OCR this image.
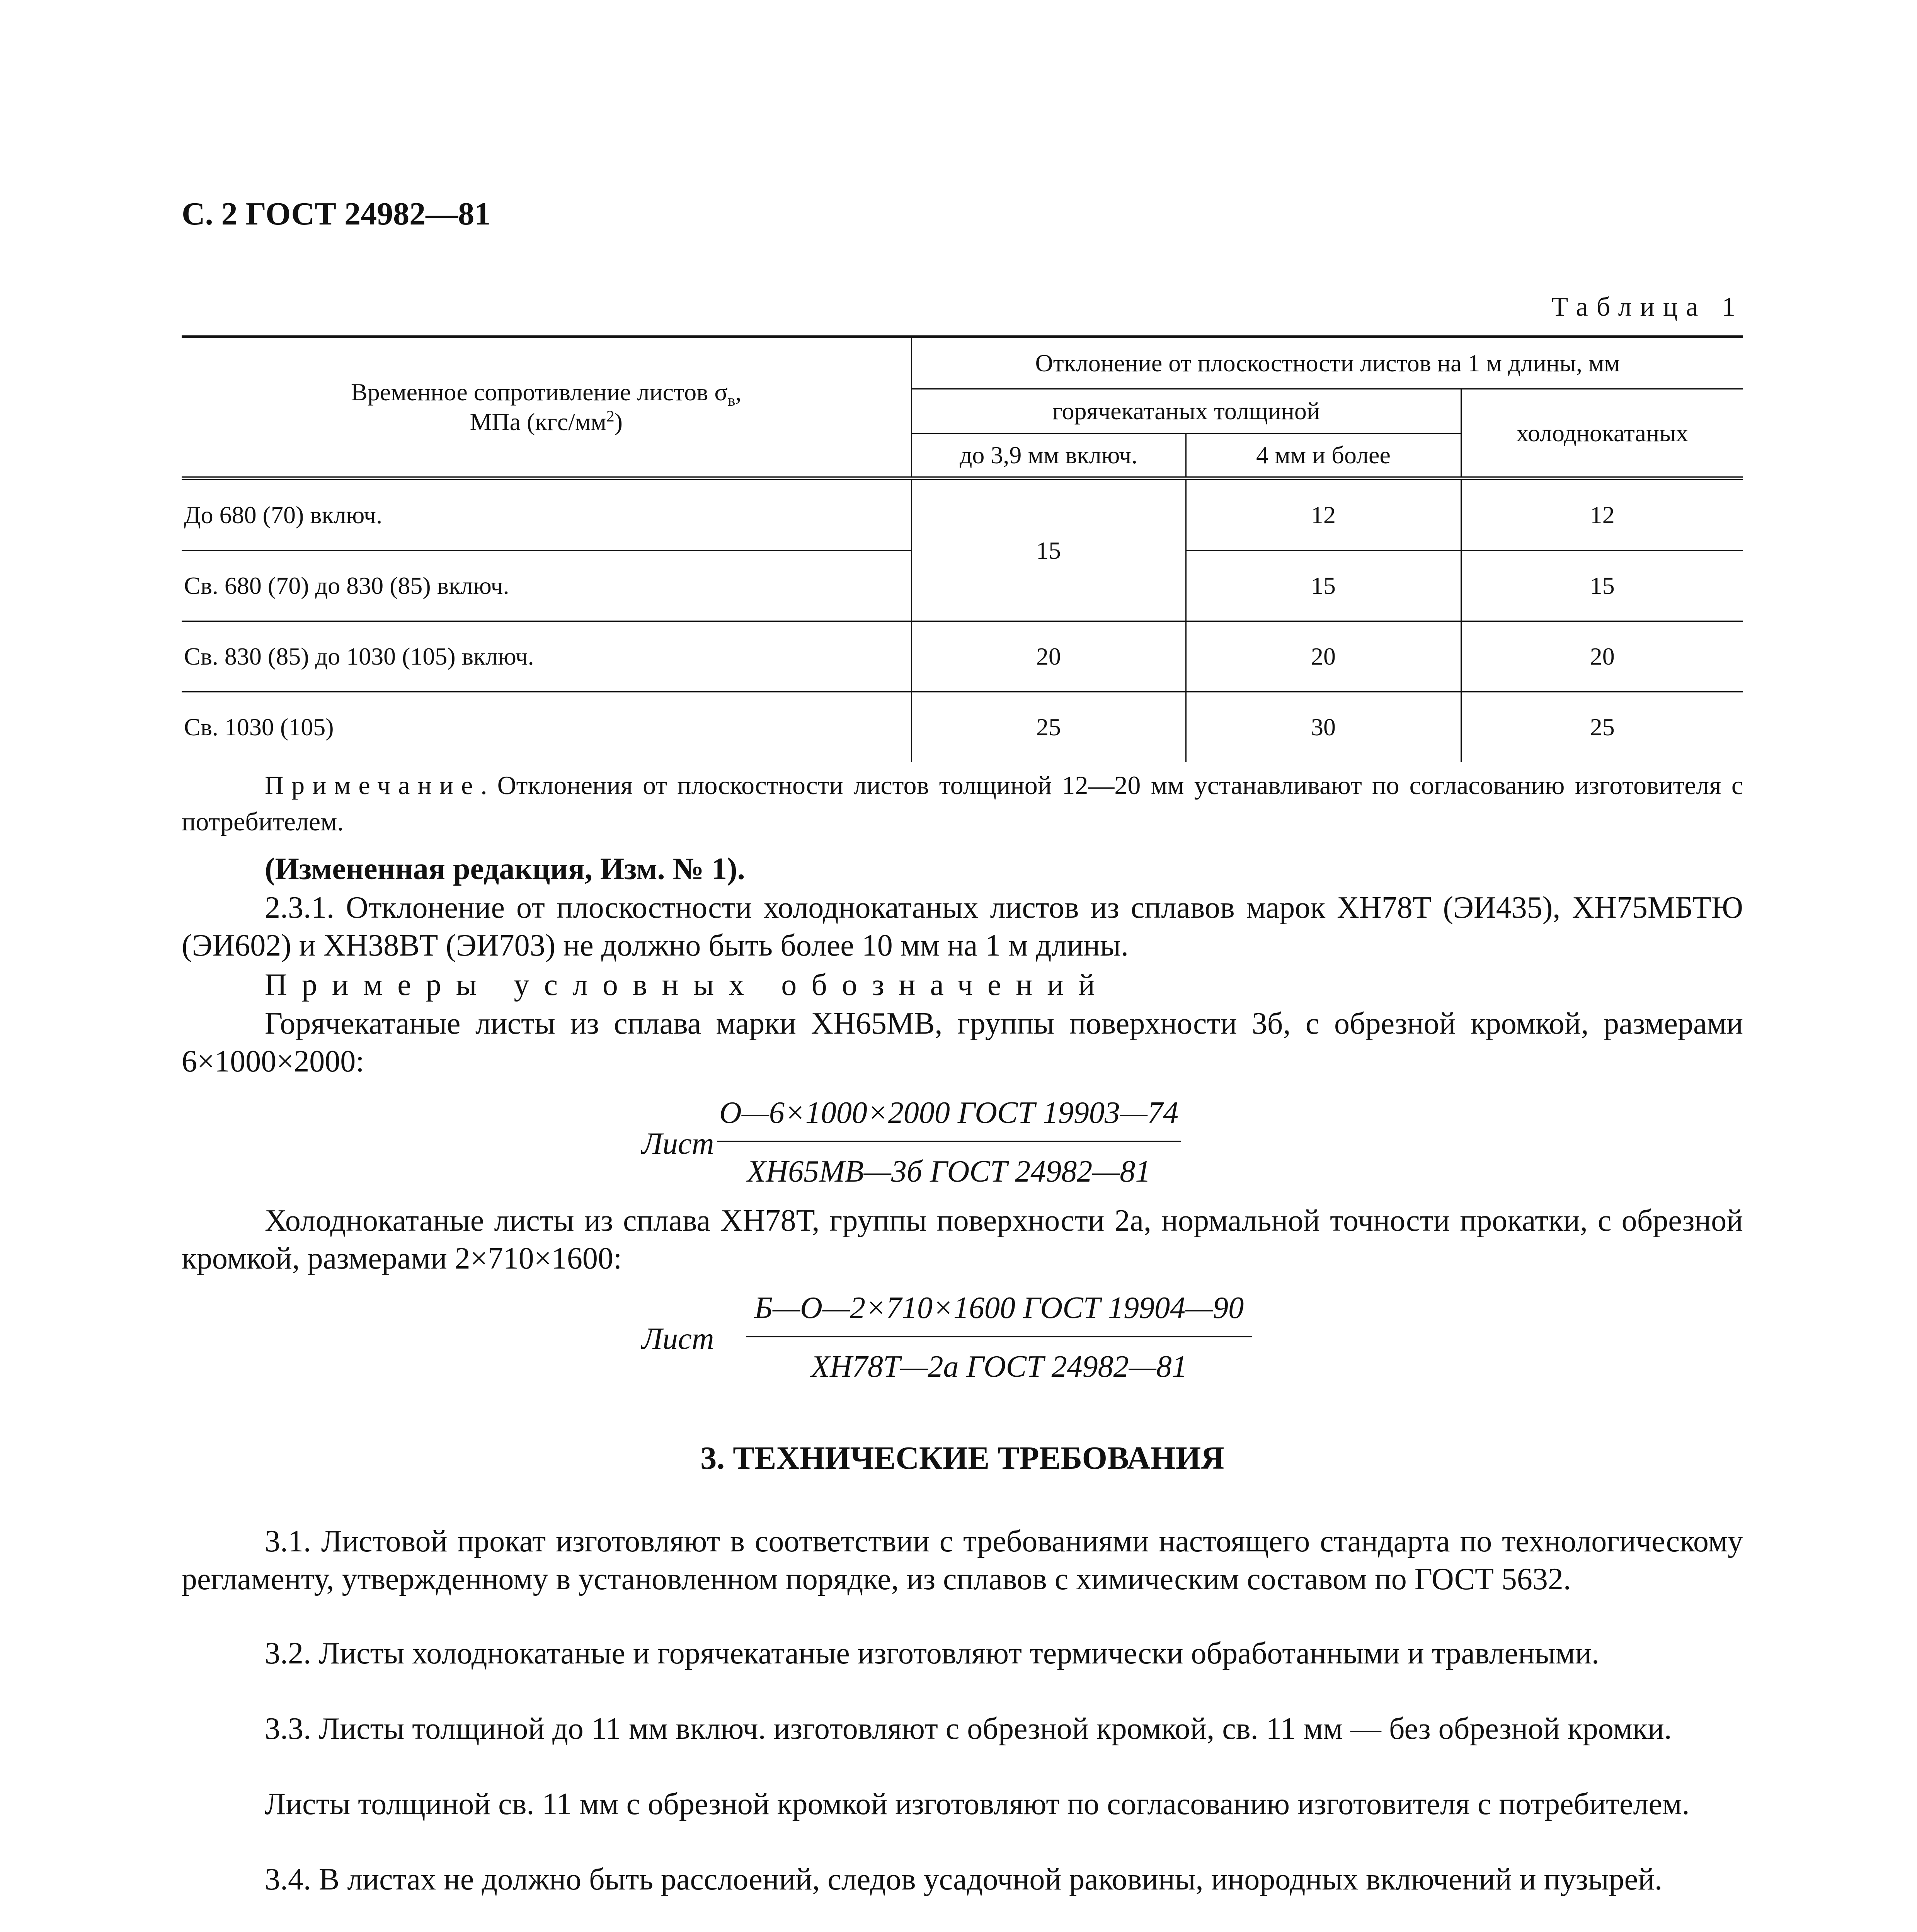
С. 2 ГОСТ 24982—81
Таблица 1
Временное сопротивление листов $\sigma_в$,
МПа $(кгс/мм^2)$	Отклонение от плоскостности листов на 1 м длины, мм		
	горячекатаных толщиной		холоднокатаных
	до 3,9 мм включ.	4 мм и более	
До 680 (70) включ.	15	12	12
Св. 680 (70) до 830 (85) включ.		15	15
Св. 830 (85) до 1030 (105) включ.	20	20	20
Св. 1030 (105)	25	30	25
Примечание. Отклонения от плоскостности листов толщиной 12—20 мм устанавливают по согласованию изготовителя с потребителем.
(Измененная редакция, Изм. № 1).
2.3.1. Отклонение от плоскостности холоднокатаных листов из сплавов марок ХН78Т (ЭИ435), ХН75МБТЮ (ЭИ602) и ХН38ВТ (ЭИ703) не должно быть более 10 мм на 1 м длины.
Примеры условных обозначений
Горячекатаные листы из сплава марки ХН65МВ, группы поверхности 3б, с обрезной кромкой, размерами 6×1000×2000:
Лист
О—6×1000×2000 ГОСТ 19903—74
ХН65МВ—3б ГОСТ 24982—81
Холоднокатаные листы из сплава ХН78Т, группы поверхности 2а, нормальной точности прокатки, с обрезной кромкой, размерами 2×710×1600:
Лист
Б—О—2×710×1600 ГОСТ 19904—90
ХН78Т—2а ГОСТ 24982—81
3. ТЕХНИЧЕСКИЕ ТРЕБОВАНИЯ
3.1. Листовой прокат изготовляют в соответствии с требованиями настоящего стандарта по технологическому регламенту, утвержденному в установленном порядке, из сплавов с химическим составом по ГОСТ 5632.
3.2. Листы холоднокатаные и горячекатаные изготовляют термически обработанными и травлеными.
3.3. Листы толщиной до 11 мм включ. изготовляют с обрезной кромкой, св. 11 мм — без обрезной кромки.
Листы толщиной св. 11 мм с обрезной кромкой изготовляют по согласованию изготовителя с потребителем.
3.4. В листах не должно быть расслоений, следов усадочной раковины, инородных включений и пузырей.
